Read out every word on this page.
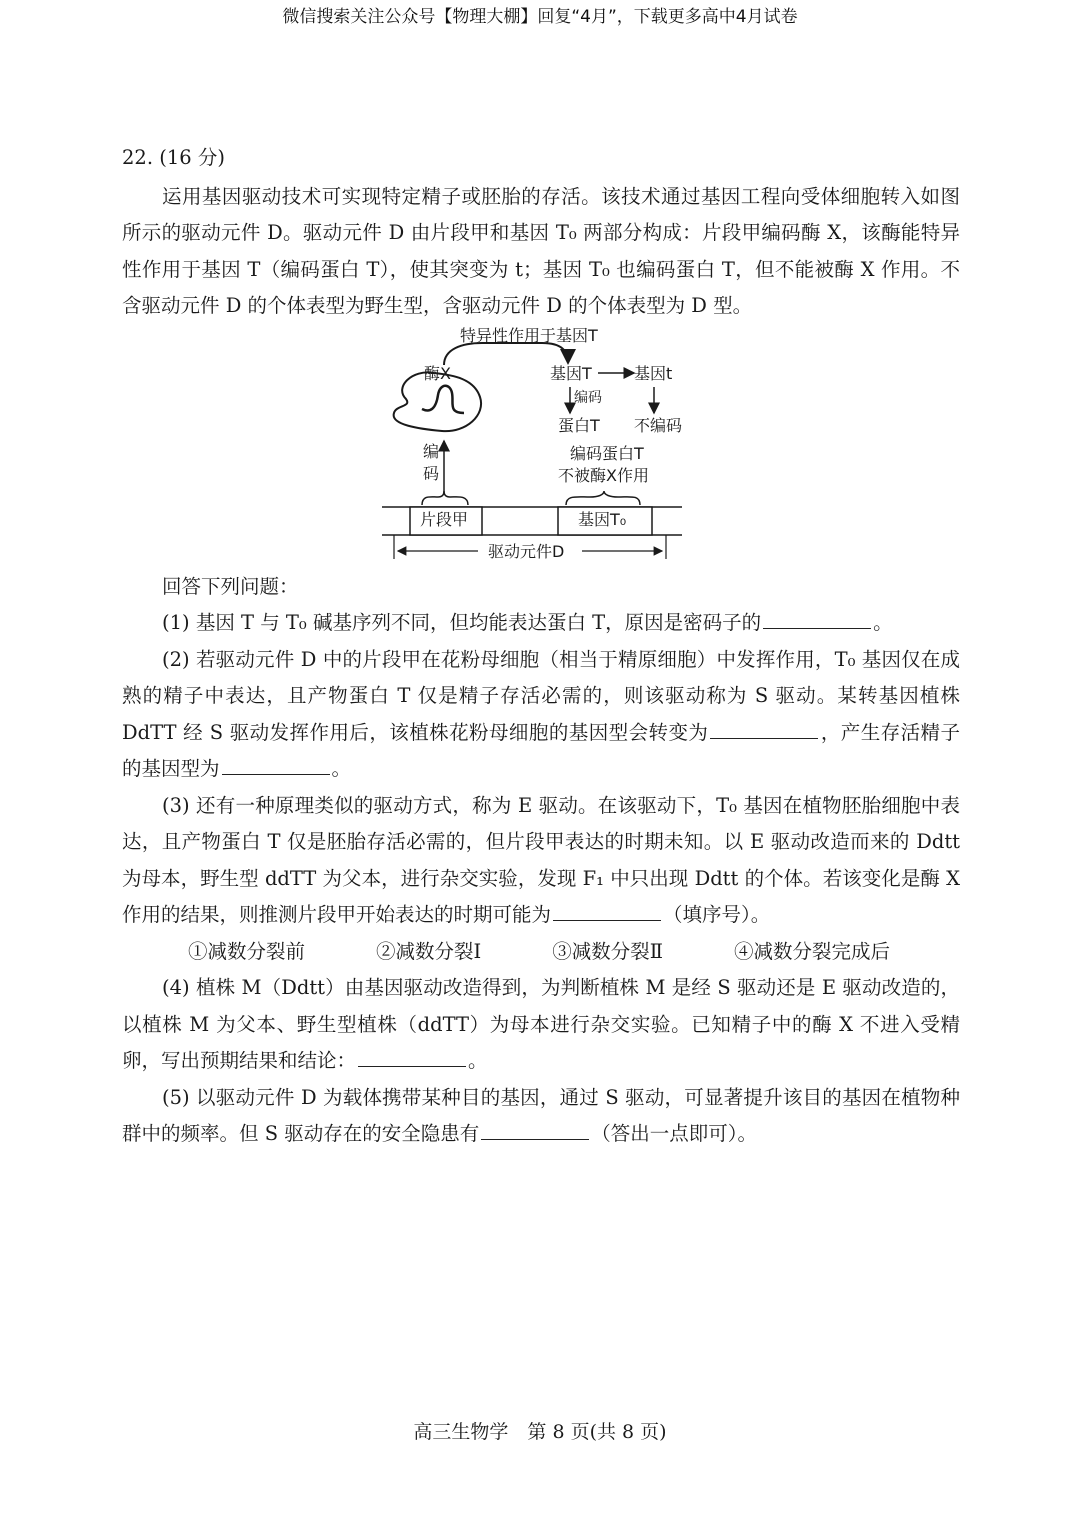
微信搜索关注公众号【物理大棚】回复“4月”，下载更多高中4月试卷

22. (16 分)

运用基因驱动技术可实现特定精子或胚胎的存活。该技术通过基因工程向受体细胞转入如图所示的驱动元件 D。驱动元件 D 由片段甲和基因 T₀ 两部分构成：片段甲编码酶 X，该酶能特异性作用于基因 T（编码蛋白 T），使其突变为 t；基因 T₀ 也编码蛋白 T，但不能被酶 X 作用。不含驱动元件 D 的个体表型为野生型，含驱动元件 D 的个体表型为 D 型。

特异性作用于基因T
酶X	基因T	基因t
编码
蛋白T 不编码
编码蛋白T
不被酶X作用
编码
片段甲	基因T₀
驱动元件D

回答下列问题：

(1) 基因 T 与 T₀ 碱基序列不同，但均能表达蛋白 T，原因是密码子的	。

(2) 若驱动元件 D 中的片段甲在花粉母细胞（相当于精原细胞）中发挥作用，T₀ 基因仅在成熟的精子中表达，且产物蛋白 T 仅是精子存活必需的，则该驱动称为 S 驱动。某转基因植株 DdTT 经 S 驱动发挥作用后，该植株花粉母细胞的基因型会转变为	，产生存活精子的基因型为	。

(3) 还有一种原理类似的驱动方式，称为 E 驱动。在该驱动下，T₀ 基因在植物胚胎细胞中表达，且产物蛋白 T 仅是胚胎存活必需的，但片段甲表达的时期未知。以 E 驱动改造而来的 Ddtt 为母本，野生型 ddTT 为父本，进行杂交实验，发现 F₁ 中只出现 Ddtt 的个体。若该变化是酶 X 作用的结果，则推测片段甲开始表达的时期可能为	（填序号）。

①减数分裂前	②减数分裂Ⅰ	③减数分裂Ⅱ	④减数分裂完成后

(4) 植株 M（Ddtt）由基因驱动改造得到，为判断植株 M 是经 S 驱动还是 E 驱动改造的，以植株 M 为父本、野生型植株（ddTT）为母本进行杂交实验。已知精子中的酶 X 不进入受精卵，写出预期结果和结论：	。

(5) 以驱动元件 D 为载体携带某种目的基因，通过 S 驱动，可显著提升该目的基因在植物种群中的频率。但 S 驱动存在的安全隐患有	（答出一点即可）。

高三生物学　第 8 页(共 8 页)
